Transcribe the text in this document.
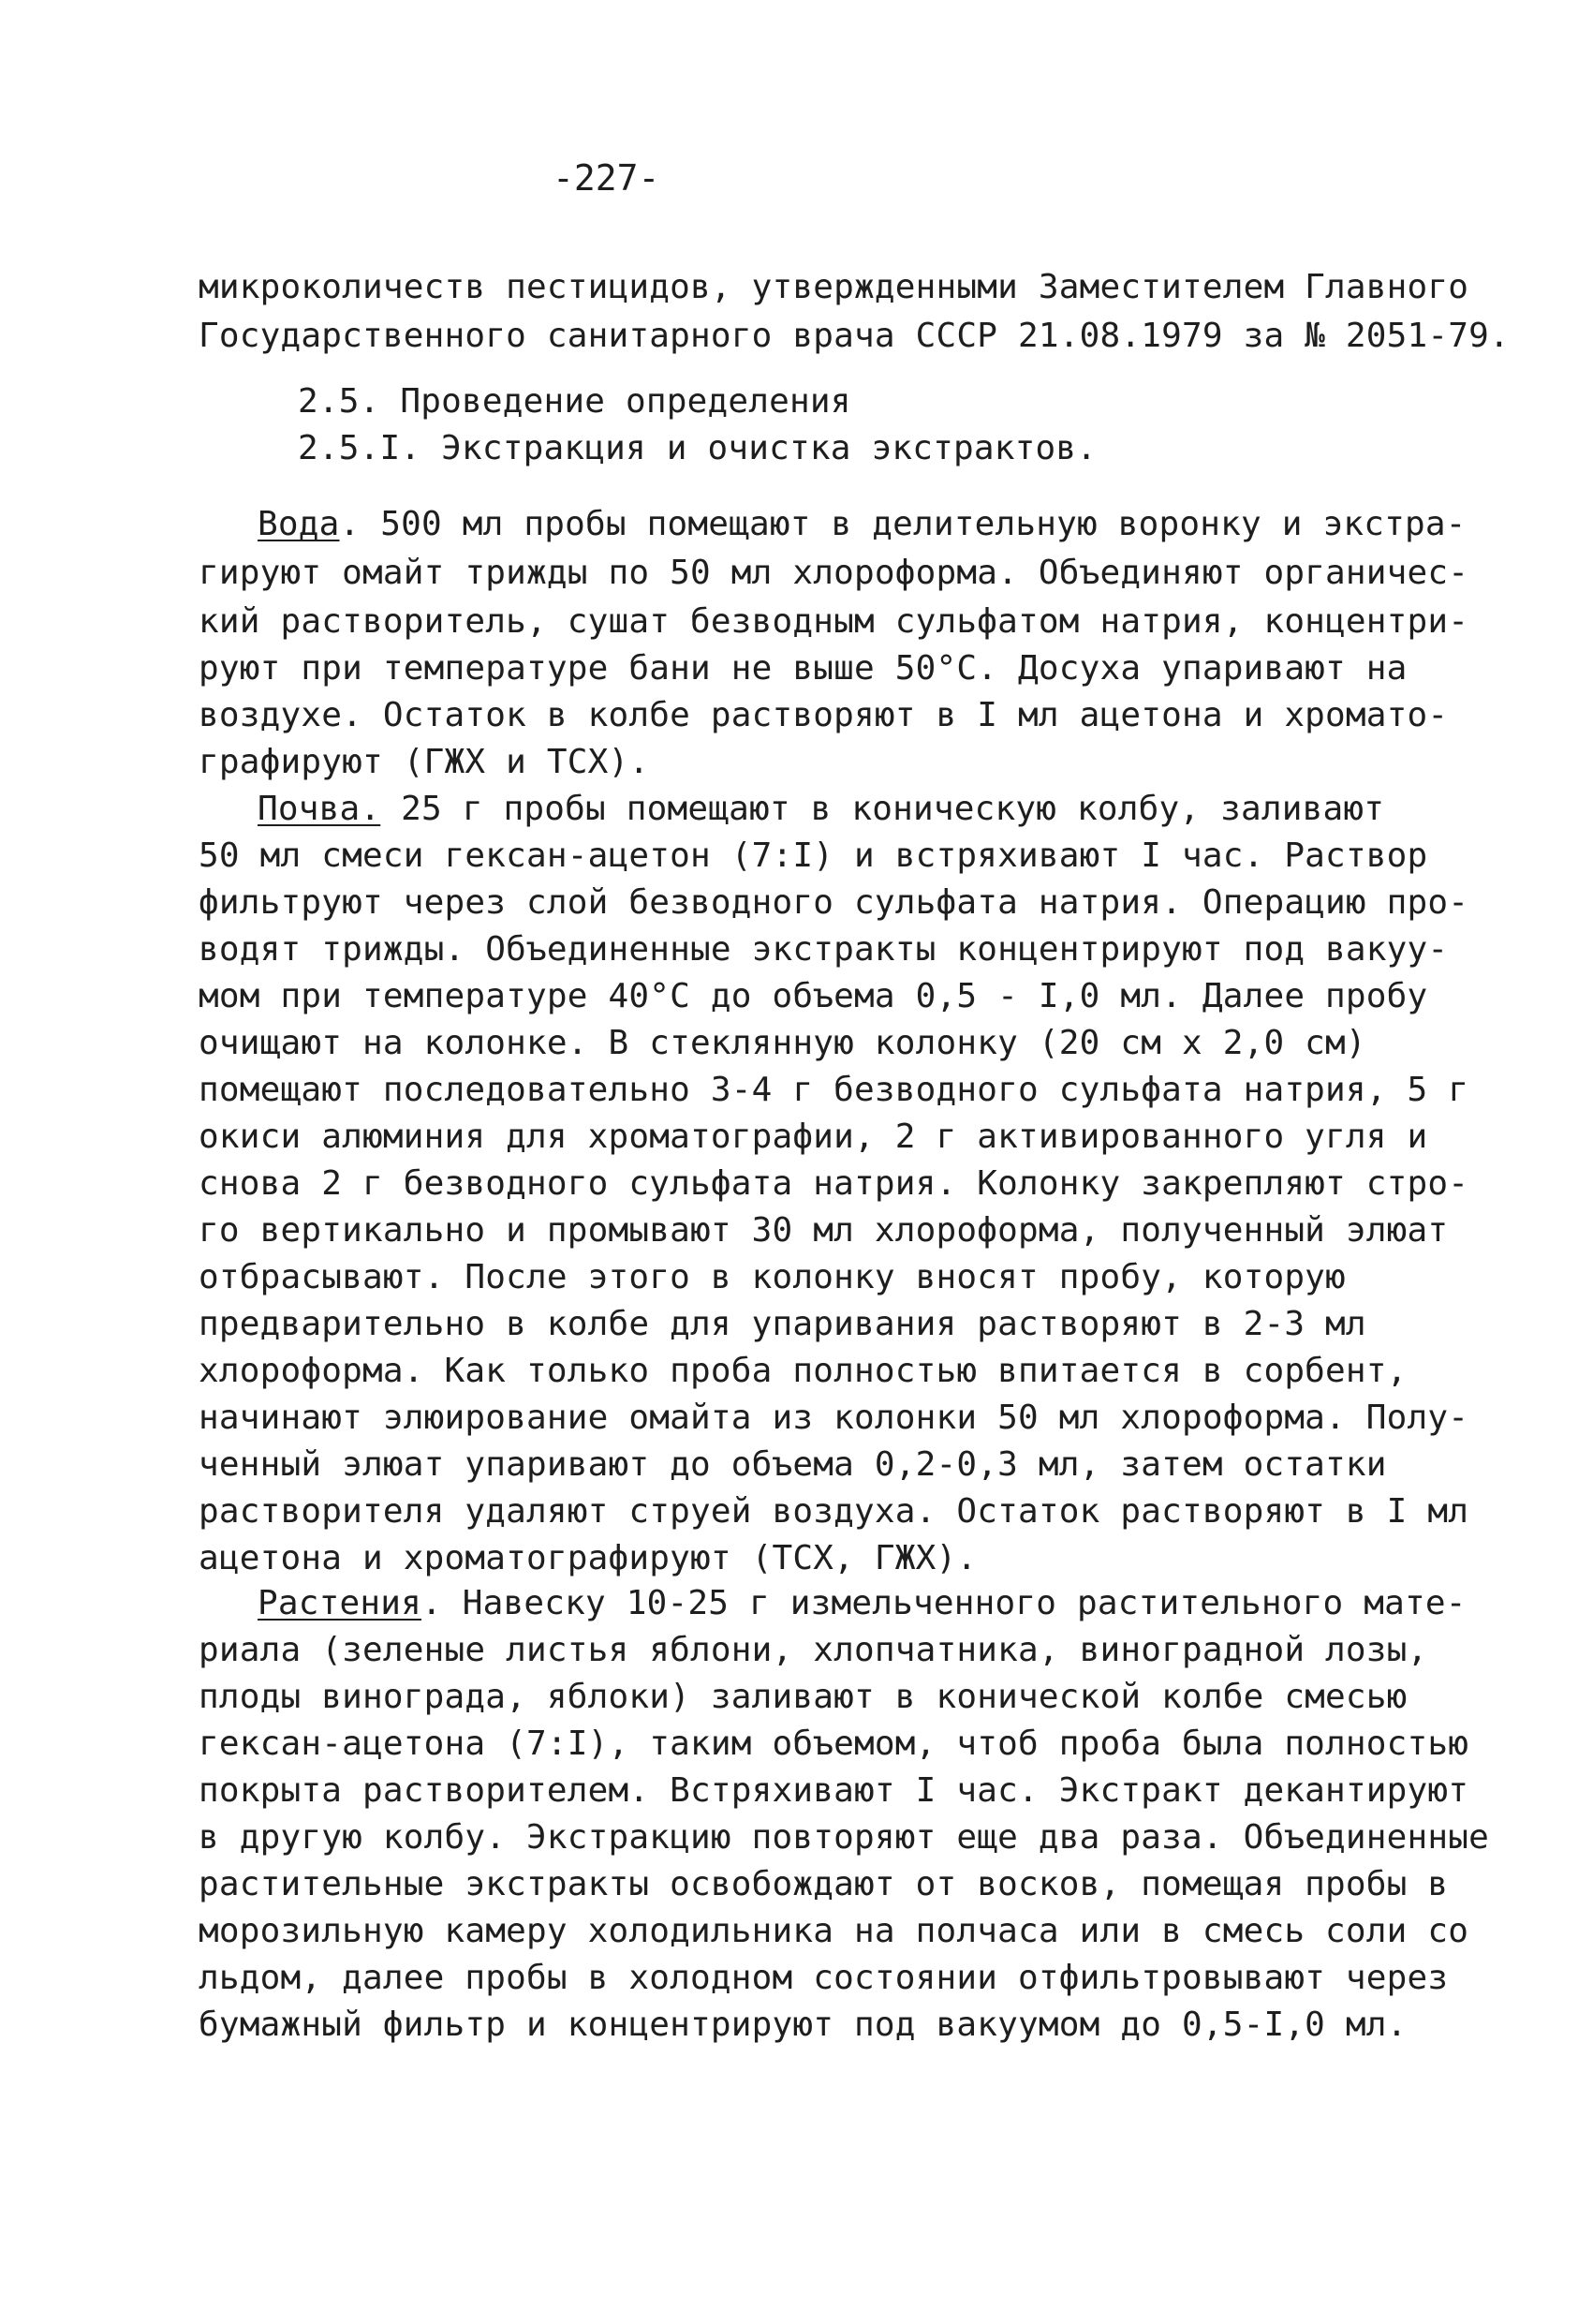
-227-
микроколичеств пестицидов, утвержденными Заместителем Главного
Государственного санитарного врача СССР 21.08.1979 за № 2051-79.
2.5. Проведение определения
2.5.I. Экстракция и очистка экстрактов.
Вода. 500 мл пробы помещают в делительную воронку и экстра-
гируют омайт трижды по 50 мл хлороформа. Объединяют органичес-
кий растворитель, сушат безводным сульфатом натрия, концентри-
руют при температуре бани не выше 50°С. Досуха упаривают на
воздухе. Остаток в колбе растворяют в I мл ацетона и хромато-
графируют (ГЖХ и ТСХ).
Почва. 25 г пробы помещают в коническую колбу, заливают
50 мл смеси гексан-ацетон (7:I) и встряхивают I час. Раствор
фильтруют через слой безводного сульфата натрия. Операцию про-
водят трижды. Объединенные экстракты концентрируют под вакуу-
мом при температуре 40°С до объема 0,5 - I,0 мл. Далее пробу
очищают на колонке. В стеклянную колонку (20 см х 2,0 см)
помещают последовательно 3-4 г безводного сульфата натрия, 5 г
окиси алюминия для хроматографии, 2 г активированного угля и
снова 2 г безводного сульфата натрия. Колонку закрепляют стро-
го вертикально и промывают 30 мл хлороформа, полученный элюат
отбрасывают. После этого в колонку вносят пробу, которую
предварительно в колбе для упаривания растворяют в 2-3 мл
хлороформа. Как только проба полностью впитается в сорбент,
начинают элюирование омайта из колонки 50 мл хлороформа. Полу-
ченный элюат упаривают до объема 0,2-0,3 мл, затем остатки
растворителя удаляют струей воздуха. Остаток растворяют в I мл
ацетона и хроматографируют (ТСХ, ГЖХ).
Растения. Навеску 10-25 г измельченного растительного мате-
риала (зеленые листья яблони, хлопчатника, виноградной лозы,
плоды винограда, яблоки) заливают в конической колбе смесью
гексан-ацетона (7:I), таким объемом, чтоб проба была полностью
покрыта растворителем. Встряхивают I час. Экстракт декантируют
в другую колбу. Экстракцию повторяют еще два раза. Объединенные
растительные экстракты освобождают от восков, помещая пробы в
морозильную камеру холодильника на полчаса или в смесь соли со
льдом, далее пробы в холодном состоянии отфильтровывают через
бумажный фильтр и концентрируют под вакуумом до 0,5-I,0 мл.
